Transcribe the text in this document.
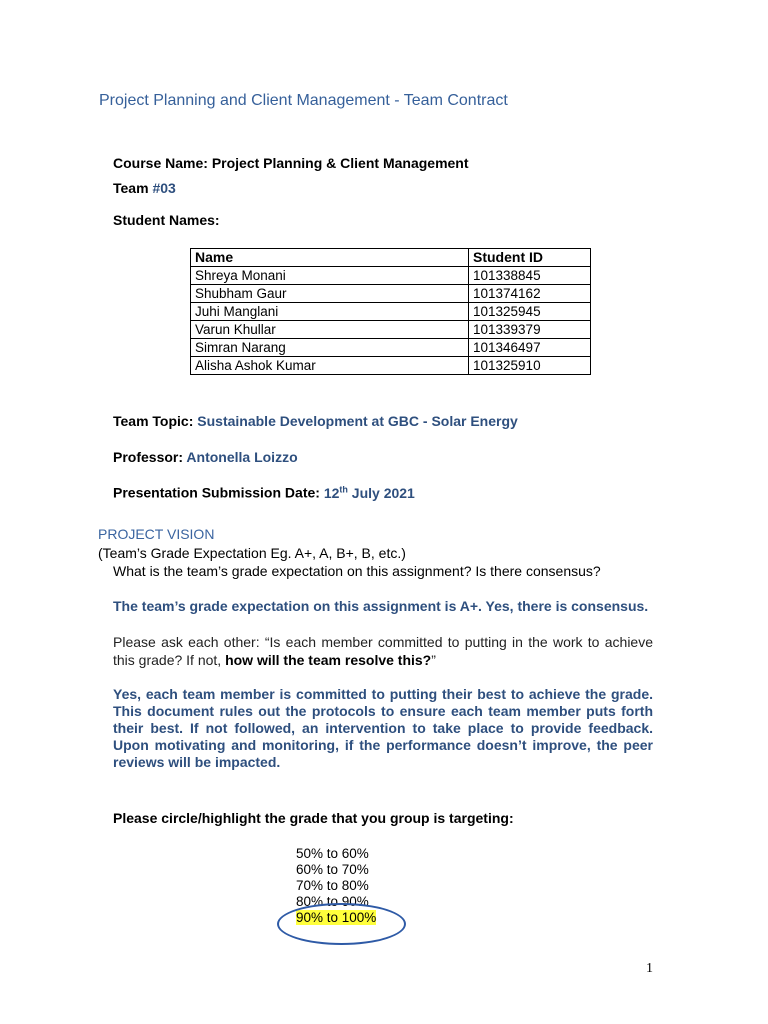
Project Planning and Client Management - Team Contract
Course Name: Project Planning & Client Management
Team #03
Student Names:
Name	Student ID
Shreya Monani	101338845
Shubham Gaur	101374162
Juhi Manglani	101325945
Varun Khullar	101339379
Simran Narang	101346497
Alisha Ashok Kumar	101325910
Team Topic: Sustainable Development at GBC - Solar Energy
Professor: Antonella Loizzo
Presentation Submission Date: 12th July 2021
PROJECT VISION
(Team’s Grade Expectation Eg. A+, A, B+, B, etc.)
What is the team’s grade expectation on this assignment? Is there consensus?
The team’s grade expectation on this assignment is A+. Yes, there is consensus.
Please ask each other: “Is each member committed to putting in the work to achieve this grade? If not, how will the team resolve this?”
Yes, each team member is committed to putting their best to achieve the grade. This document rules out the protocols to ensure each team member puts forth their best. If not followed, an intervention to take place to provide feedback. Upon motivating and monitoring, if the performance doesn’t improve, the peer reviews will be impacted.
Please circle/highlight the grade that you group is targeting:
50% to 60%
60% to 70%
70% to 80%
80% to 90%
90% to 100%
1
